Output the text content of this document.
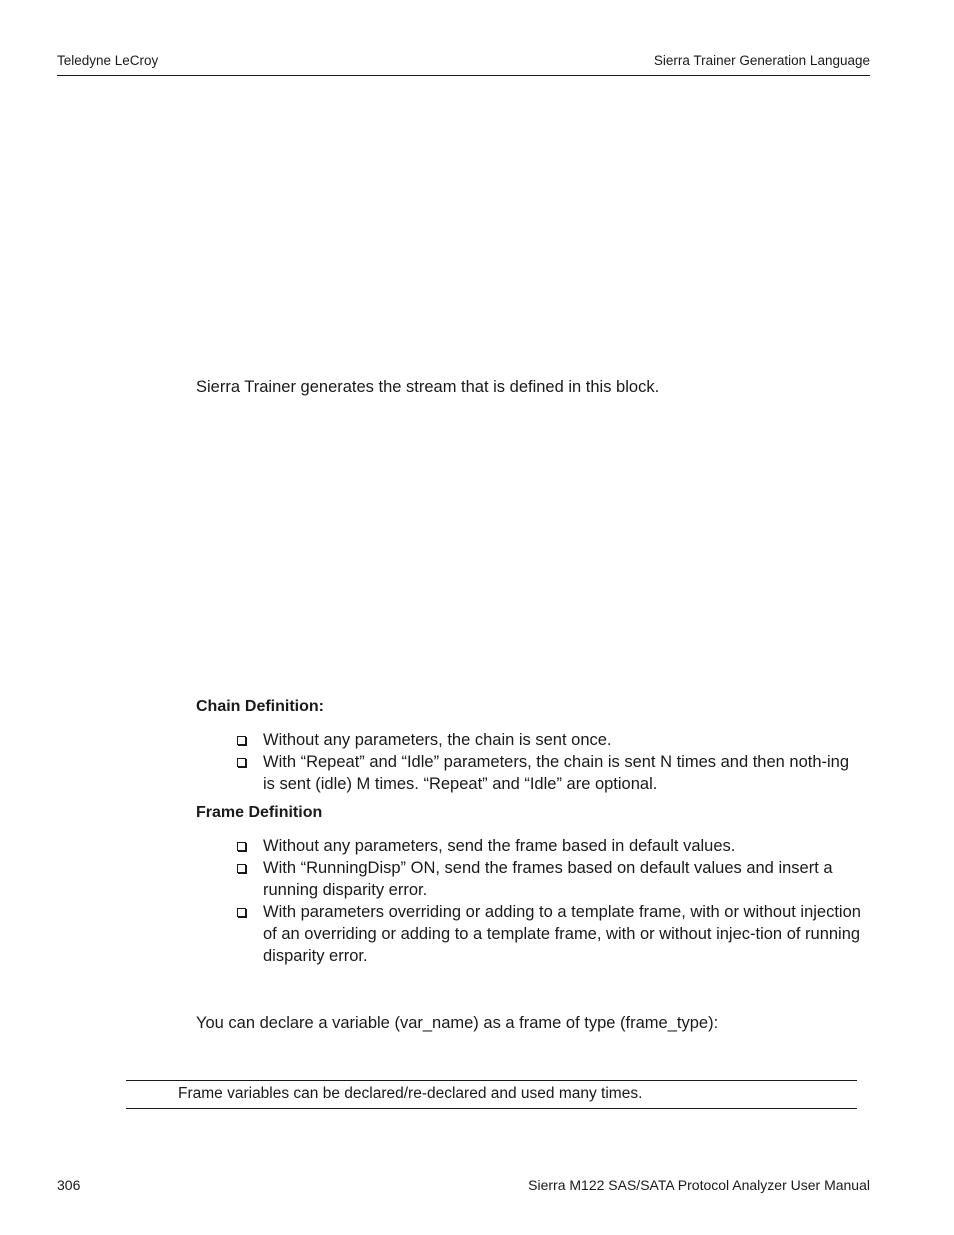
Teledyne LeCroy	Sierra Trainer Generation Language
Sierra Trainer generates the stream that is defined in this block.
Chain Definition:
Without any parameters, the chain is sent once.
With “Repeat” and “Idle” parameters, the chain is sent N times and then noth-ing is sent (idle) M times. “Repeat” and “Idle” are optional.
Frame Definition
Without any parameters, send the frame based in default values.
With “RunningDisp” ON, send the frames based on default values and insert a running disparity error.
With parameters overriding or adding to a template frame, with or without injection of an overriding or adding to a template frame, with or without injec-tion of running disparity error.
You can declare a variable (var_name) as a frame of type (frame_type):
Frame variables can be declared/re-declared and used many times.
306	Sierra M122 SAS/SATA Protocol Analyzer User Manual
